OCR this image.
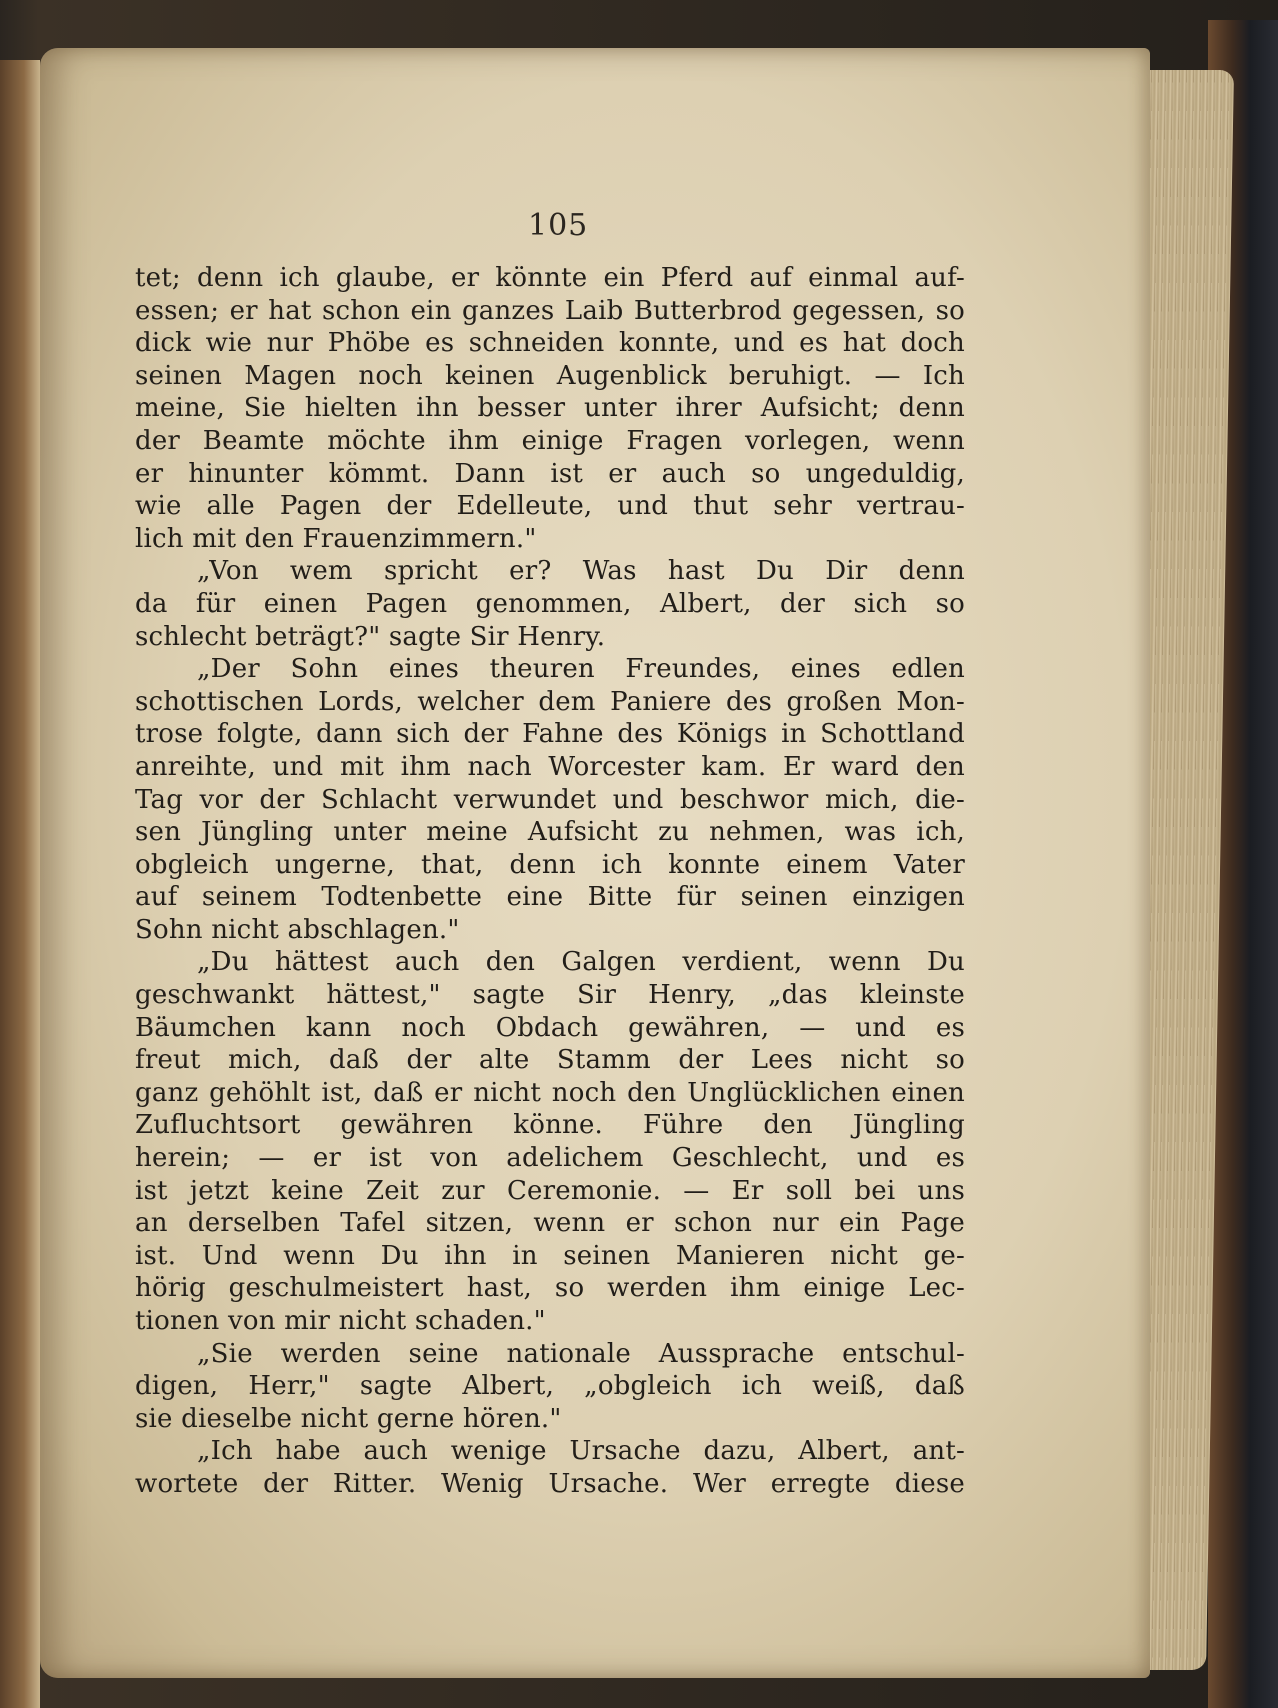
105
tet; denn ich glaube, er könnte ein Pferd auf einmal auf-
essen; er hat schon ein ganzes Laib Butterbrod gegessen, so
dick wie nur Phöbe es schneiden konnte, und es hat doch
seinen Magen noch keinen Augenblick beruhigt. — Ich
meine, Sie hielten ihn besser unter ihrer Aufsicht; denn
der Beamte möchte ihm einige Fragen vorlegen, wenn
er hinunter kömmt. Dann ist er auch so ungeduldig,
wie alle Pagen der Edelleute, und thut sehr vertrau-
lich mit den Frauenzimmern."
„Von wem spricht er? Was hast Du Dir denn
da für einen Pagen genommen, Albert, der sich so
schlecht beträgt?" sagte Sir Henry.
„Der Sohn eines theuren Freundes, eines edlen
schottischen Lords, welcher dem Paniere des großen Mon-
trose folgte, dann sich der Fahne des Königs in Schottland
anreihte, und mit ihm nach Worcester kam. Er ward den
Tag vor der Schlacht verwundet und beschwor mich, die-
sen Jüngling unter meine Aufsicht zu nehmen, was ich,
obgleich ungerne, that, denn ich konnte einem Vater
auf seinem Todtenbette eine Bitte für seinen einzigen
Sohn nicht abschlagen."
„Du hättest auch den Galgen verdient, wenn Du
geschwankt hättest," sagte Sir Henry, „das kleinste
Bäumchen kann noch Obdach gewähren, — und es
freut mich, daß der alte Stamm der Lees nicht so
ganz gehöhlt ist, daß er nicht noch den Unglücklichen einen
Zufluchtsort gewähren könne. Führe den Jüngling
herein; — er ist von adelichem Geschlecht, und es
ist jetzt keine Zeit zur Ceremonie. — Er soll bei uns
an derselben Tafel sitzen, wenn er schon nur ein Page
ist. Und wenn Du ihn in seinen Manieren nicht ge-
hörig geschulmeistert hast, so werden ihm einige Lec-
tionen von mir nicht schaden."
„Sie werden seine nationale Aussprache entschul-
digen, Herr," sagte Albert, „obgleich ich weiß, daß
sie dieselbe nicht gerne hören."
„Ich habe auch wenige Ursache dazu, Albert, ant-
wortete der Ritter. Wenig Ursache. Wer erregte diese
